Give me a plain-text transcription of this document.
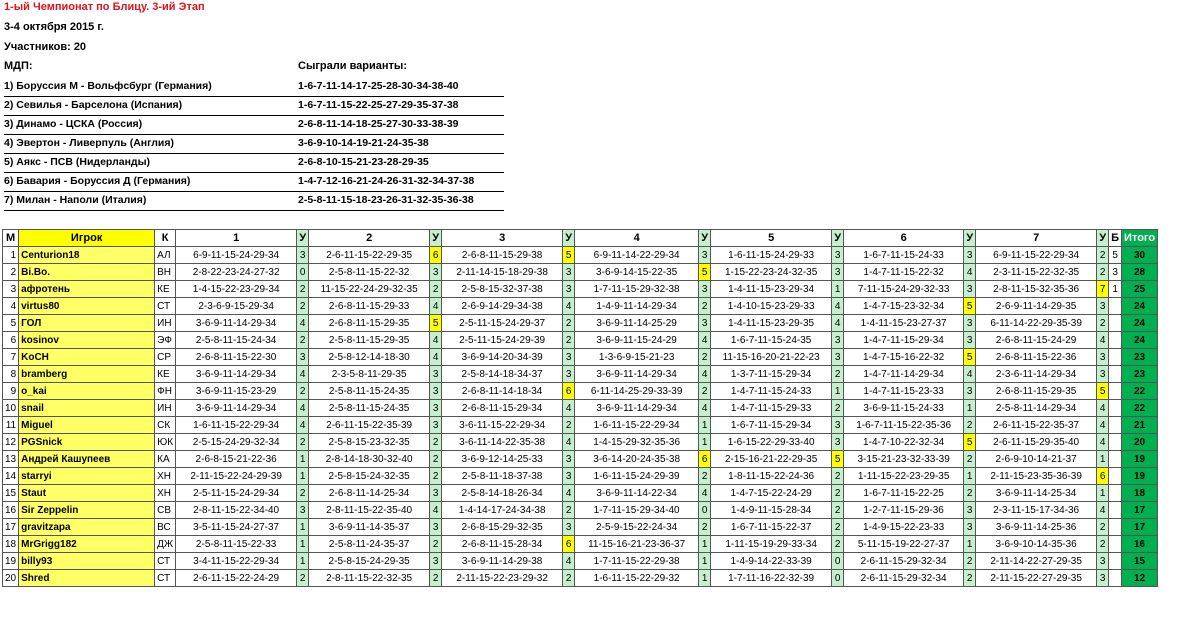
1-ый Чемпионат по Блицу. 3-ий Этап
3-4 октября 2015 г.
Участников: 20
МДП:	Сыграли варианты:
1) Боруссия М - Вольфсбург (Германия)	1-6-7-11-14-17-25-28-30-34-38-40
2) Севилья - Барселона (Испания)	1-6-7-11-15-22-25-27-29-35-37-38
3) Динамо - ЦСКА (Россия)	2-6-8-11-14-18-25-27-30-33-38-39
4) Эвертон - Ливерпуль (Англия)	3-6-9-10-14-19-21-24-35-38
5) Аякс - ПСВ (Нидерланды)	2-6-8-10-15-21-23-28-29-35
6) Бавария - Боруссия Д (Германия)	1-4-7-12-16-21-24-26-31-32-34-37-38
7) Милан - Наполи (Италия)	2-5-8-11-15-18-23-26-31-32-35-36-38
М	Игрок	К	1	У	2	У	3	У	4	У	5	У	6	У	7	У	Б	Итого
1	Centurion18	АЛ	6-9-11-15-24-29-34	3	2-6-11-15-22-29-35	6	2-6-8-11-15-29-38	5	6-9-11-14-22-29-34	3	1-6-11-15-24-29-33	3	1-6-7-11-15-24-33	3	6-9-11-15-22-29-34	2	5	30
2	Bi.Bo.	ВН	2-8-22-23-24-27-32	0	2-5-8-11-15-22-32	3	2-11-14-15-18-29-38	3	3-6-9-14-15-22-35	5	1-15-22-23-24-32-35	3	1-4-7-11-15-22-32	4	2-3-11-15-22-32-35	2	3	28
3	афротень	КЕ	1-4-15-22-23-29-34	2	11-15-22-24-29-32-35	2	2-5-8-15-32-37-38	3	1-7-11-15-29-32-38	3	1-4-11-15-23-29-34	1	7-11-15-24-29-32-33	3	2-8-11-15-32-35-36	7	1	25
4	virtus80	СТ	2-3-6-9-15-29-34	2	2-6-8-11-15-29-33	4	2-6-9-14-29-34-38	4	1-4-9-11-14-29-34	2	1-4-10-15-23-29-33	4	1-4-7-15-23-32-34	5	2-6-9-11-14-29-35	3		24
5	ГОЛ	ИН	3-6-9-11-14-29-34	4	2-6-8-11-15-29-35	5	2-5-11-15-24-29-37	2	3-6-9-11-14-25-29	3	1-4-11-15-23-29-35	4	1-4-11-15-23-27-37	3	6-11-14-22-29-35-39	2		24
6	kosinov	ЭФ	2-5-8-11-15-24-34	2	2-5-8-11-15-29-35	4	2-5-11-15-24-29-39	2	3-6-9-11-15-24-29	4	1-6-7-11-15-24-35	3	1-4-7-11-15-29-34	3	2-6-8-11-15-24-29	4		24
7	KoCH	СР	2-6-8-11-15-22-30	3	2-5-8-12-14-18-30	4	3-6-9-14-20-34-39	3	1-3-6-9-15-21-23	2	11-15-16-20-21-22-23	3	1-4-7-15-16-22-32	5	2-6-8-11-15-22-36	3		23
8	bramberg	КЕ	3-6-9-11-14-29-34	4	2-3-5-8-11-29-35	3	2-5-8-14-18-34-37	3	3-6-9-11-14-29-34	4	1-3-7-11-15-29-34	2	1-4-7-11-14-29-34	4	2-3-6-11-14-29-34	3		23
9	o_kai	ФН	3-6-9-11-15-23-29	2	2-5-8-11-15-24-35	3	2-6-8-11-14-18-34	6	6-11-14-25-29-33-39	2	1-4-7-11-15-24-33	1	1-4-7-11-15-23-33	3	2-6-8-11-15-29-35	5		22
10	snail	ИН	3-6-9-11-14-29-34	4	2-5-8-11-15-24-35	3	2-6-8-11-15-29-34	4	3-6-9-11-14-29-34	4	1-4-7-11-15-29-33	2	3-6-9-11-15-24-33	1	2-5-8-11-14-29-34	4		22
11	Miguel	СК	1-6-11-15-22-29-34	4	2-6-11-15-22-35-39	3	3-6-11-15-22-29-34	2	1-6-11-15-22-29-34	1	1-6-7-11-15-29-34	3	1-6-7-11-15-22-35-36	2	2-6-11-15-22-35-37	4		21
12	PGSnick	ЮК	2-5-15-24-29-32-34	2	2-5-8-15-23-32-35	2	3-6-11-14-22-35-38	4	1-4-15-29-32-35-36	1	1-6-15-22-29-33-40	3	1-4-7-10-22-32-34	5	2-6-11-15-29-35-40	4		20
13	Андрей Кашупеев	КА	2-6-8-15-21-22-36	1	2-8-14-18-30-32-40	2	3-6-9-12-14-25-33	3	3-6-14-20-24-35-38	6	2-15-16-21-22-29-35	5	3-15-21-23-32-33-39	2	2-6-9-10-14-21-37	1		19
14	starryi	ХН	2-11-15-22-24-29-39	1	2-5-8-15-24-32-35	2	2-5-8-11-18-37-38	3	1-6-11-15-24-29-39	2	1-8-11-15-22-24-36	2	1-11-15-22-23-29-35	1	2-11-15-23-35-36-39	6		19
15	Staut	ХН	2-5-11-15-24-29-34	2	2-6-8-11-14-25-34	3	2-5-8-14-18-26-34	4	3-6-9-11-14-22-34	4	1-4-7-15-22-24-29	2	1-6-7-11-15-22-25	2	3-6-9-11-14-25-34	1		18
16	Sir Zeppelin	СВ	2-8-11-15-22-34-40	3	2-8-11-15-22-35-40	4	1-4-14-17-24-34-38	2	1-7-11-15-29-34-40	0	1-4-9-11-15-28-34	2	1-2-7-11-15-29-36	3	2-3-11-15-17-34-36	4		17
17	gravitzapa	ВС	3-5-11-15-24-27-37	1	3-6-9-11-14-35-37	3	2-6-8-15-29-32-35	3	2-5-9-15-22-24-34	2	1-6-7-11-15-22-37	2	1-4-9-15-22-23-33	3	3-6-9-11-14-25-36	2		17
18	MrGrigg182	ДЖ	2-5-8-11-15-22-33	1	2-5-8-11-24-35-37	2	2-6-8-11-15-28-34	6	11-15-16-21-23-36-37	1	1-11-15-19-29-33-34	2	5-11-15-19-22-27-37	1	3-6-9-10-14-35-36	2		16
19	billy93	СТ	3-4-11-15-22-29-34	1	2-5-8-15-24-29-35	3	3-6-9-11-14-29-38	4	1-7-11-15-22-29-38	1	1-4-9-14-22-33-39	0	2-6-11-15-29-32-34	2	2-11-14-22-27-29-35	3		15
20	Shred	СТ	2-6-11-15-22-24-29	2	2-8-11-15-22-32-35	2	2-11-15-22-23-29-32	2	1-6-11-15-22-29-32	1	1-7-11-16-22-32-39	0	2-6-11-15-29-32-34	2	2-11-15-22-27-29-35	3		12
